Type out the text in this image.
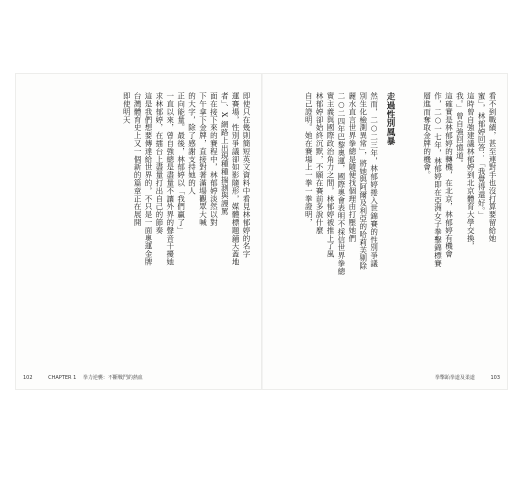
看不到戰績，甚至連對手也沒打算要留給她
蜜」，林郁婷回答：「我覺得還好。」
這時曾自強建議林郁婷到北京體育大學交換，
我。」曾自強回憶道。
這確實是林郁婷的轉機，在北京，林郁婷有機會
作，二○一七年，林郁婷即在亞洲女子拳擊錦標賽
層進而奪取金牌的機會。
走過性別風暴
然而，二○二三年，林郁婷捲入世錦賽的性別爭議
別生化檢測異常」，將她與阿爾及利亞的哈莉芙剔除
麗水直言世界拳總是隨便找個理由打壓她們
二○二四年巴黎奧運，國際奧會表明不採信世界拳總
實主義與國際政治角力之間，林郁婷被推上了風
林郁婷卻始終沉默，不願在賽前多說什麼
自己證明。她在賽場上一拳一拳證明，
即使只在幾則簡短英文資料中看見林郁婷的名字
運賽場，性別爭議卻如影隨形，媒體標題鋪天蓋地
者」、X 網路上出現種種揣測與謾罵
面在接下來的賽程中，林郁婷淡然以對
下午拿下金牌，直接對著滿場觀眾大喊
的大字，除了感謝支持她的人
正向能量。最後，林郁婷以「我們贏了」
一直以來，曾自強總是盡量不讓外界的聲音干擾她
求林郁婷，在擂台上盡量打出自己的節奏
這是我們想要傳達給世界的，不只是一面奧運金牌
台灣體育史上又一個新的篇章正在展開
即使明天
102	CHAPTER 1 拳力逆襲：不斷戰鬥的熱血	拳擊跆拳道及柔道	103
